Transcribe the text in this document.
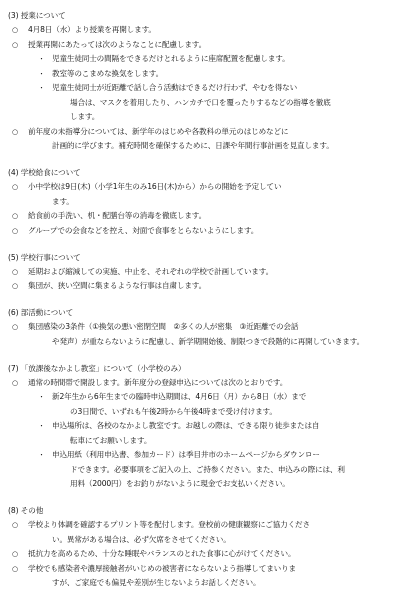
(3) 授業について
○ 4月8日（水）より授業を再開します。
○ 授業再開にあたっては次のようなことに配慮します。
・ 児童生徒同士の間隔をできるだけとれるように座席配置を配慮します。
・ 教室等のこまめな換気をします。
・ 児童生徒同士が近距離で話し合う活動はできるだけ行わず、やむを得ない
場合は、マスクを着用したり、ハンカチで口を覆ったりするなどの指導を徹底
します。
○ 前年度の未指導分については、新学年のはじめや各教科の単元のはじめなどに
計画的に学びます。補充時間を確保するために、日課や年間行事計画を見直します。
(4) 学校給食について
○ 小中学校は9日(木)（小学1年生のみ16日(木)から）からの開始を予定してい
ます。
○ 給食前の手洗い、机・配膳台等の消毒を徹底します。
○ グループでの会食などを控え、対面で食事をとらないようにします。
(5) 学校行事について
○ 延期および縮減しての実施、中止を、それぞれの学校で計画しています。
○ 集団が、狭い空間に集まるような行事は自粛します。
(6) 部活動について
○ 集団感染の3条件（①換気の悪い密閉空間　②多くの人が密集　③近距離での会話
や発声）が重ならないように配慮し、新学期開始後、制限つきで段階的に再開していきます。
(7) 「放課後なかよし教室」について（小学校のみ）
○ 通常の時間帯で開設します。新年度分の登録申込については次のとおりです。
・ 新2年生から6年生までの臨時申込期間は、4月6日（月）から8日（水）まで
の3日間で、いずれも午後2時から午後4時まで受け付けます。
・ 申込場所は、各校のなかよし教室です。お越しの際は、できる限り徒歩または自
転車にてお願いします。
・ 申込用紙（利用申込書、参加カード）は季目井市のホームページからダウンロー
ドできます。必要事項をご記入の上、ご持参ください。また、申込みの際には、利
用料（2000円）をお釣りがないように現金でお支払いください。
(8) その他
○ 学校より体調を確認するプリント等を配付します。登校前の健康観察にご協力くださ
い。異常がある場合は、必ず欠席をさせてください。
○ 抵抗力を高めるため、十分な睡眠やバランスのとれた食事に心がけてください。
○ 学校でも感染者や濃厚接触者がいじめの被害者にならないよう指導してまいりま
すが、ご家庭でも偏見や差別が生じないようお話しください。
